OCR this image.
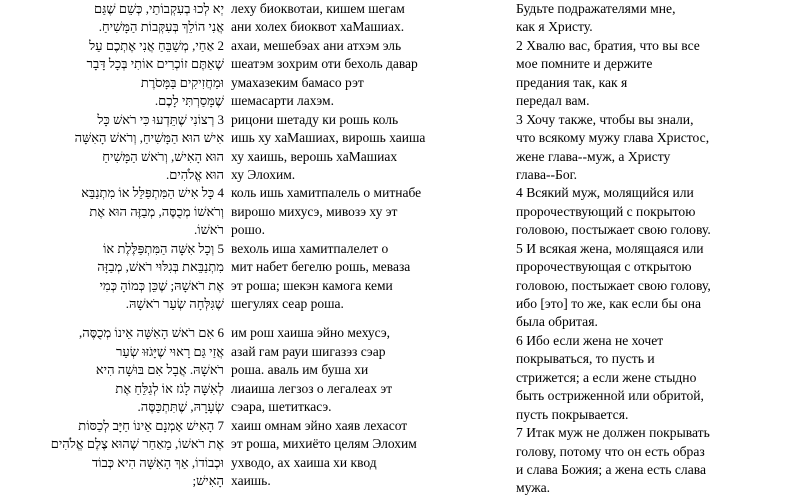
יְא לְכוּ בְעִקְבוֹתַי, כְּשֵׁם שֶׁגַּם
אֲנִי הוֹלֵךְ בְּעִקְּבוֹת הַמָּשִׁיחַ.
2 אַחַי, מְשַׁבֵּחַ אֲנִי אֶתְכֶם עַל
שֶׁאַתֶּם זוֹכְרִים אוֹתִי בְּכָל דָּבָר
וּמַחֲזִיקִים בַּמָּסֹרֶת
שֶׁמָּסַרְתִּי לָכֶם.
3 רְצוֹנִי שֶׁתֵּדְעוּ כִּי רֹאשׁ כָּל
אִישׁ הוּא הַמָּשִׁיחַ, וְרֹאשׁ הָאִשָּׁה
הוּא הָאִישׁ, וְרֹאשׁ הַמָּשִׁיחַ
הוּא אֱלֹהִים.
4 כָּל אִישׁ הַמִּתְפַּלֵּל אוֹ מִתְנַבֵּא
וְרֹאשׁוֹ מְכֻסֶּה, מְבַזֶּה הוּא אֶת
רֹאשׁוֹ.
5 וְכָל אִשָּׁה הַמִּתְפַּלֶּלֶת אוֹ
מִתְנַבֵּאת בְּגִלּוּי רֹאשׁ, מְבַזָּה
אֶת רֹאשָׁהּ; שֶׁכֵּן כְּמוֹהָ כְּמִי
שֶׁגִּלְּחָה שְׂעַר רֹאשָׁהּ.
6 אִם רֹאשׁ הָאִשָּׁה אֵינוֹ מְכֻסֶּה,
אֲזַי גַּם רָאוּי שֶׁיָּגֹזּוּ שְׂעַר
רֹאשָׁהּ. אֲבָל אִם בּוּשָׁה הִיא
לְאִשָּׁה לָגֹז אוֹ לְגַלֵּחַ אֶת
שְׂעָרָהּ, שֶׁתִּתְכַּסֶּה.
7 הָאִישׁ אָמְנָם אֵינוֹ חַיָּב לְכַסּוֹת
אֶת רֹאשׁוֹ, מֵאַחַר שֶׁהוּא צֶלֶם אֱלֹהִים
וּכְבוֹדוֹ, אַךְ הָאִשָּׁה הִיא כְּבוֹד
הָאִישׁ;
леху биоквотаи, кишем шегам
ани холех биоквот хаМашиах.
ахаи, мешебэах ани атхэм эль
шеатэм зохрим оти бехоль давар
умахазеким бамасо рэт
шемасарти лахэм.
рицони шетаду ки рошь коль
ишь ху хаМашиах, вирошь хаиша
ху хаишь, верошь хаМашиах
ху Элохим.
коль ишь хамитпалель о митнабе
вирошо михусэ, мивозэ ху эт
рошо.
вехоль иша хамитпалелет о
мит набет бегелю рошь, меваза
эт роша; шекэн камога кеми
шегулях сеар роша.
им рош хаиша эйно мехусэ,
азай гам рауи шигазэз сэар
роша. аваль им буша хи
лиаиша легзоз о легалеах эт
сэара, шетиткасэ.
хаиш омнам эйно хаяв лехасот
эт роша, михиёто целям Элохим
ухводо, ах хаиша хи квод
хаишь.
Будьте подражателями мне,
как я Христу.
2 Хвалю вас, братия, что вы все
мое помните и держите
предания так, как я
передал вам.
3 Хочу также, чтобы вы знали,
что всякому мужу глава Христос,
жене глава--муж, а Христу
глава--Бог.
4 Всякий муж, молящийся или
пророчествующий с покрытою
головою, постыжает свою голову.
5 И всякая жена, молящаяся или
пророчествующая с открытою
головою, постыжает свою голову,
ибо [это] то же, как если бы она
была обритая.
6 Ибо если жена не хочет
покрываться, то пусть и
стрижется; а если жене стыдно
быть остриженной или обритой,
пусть покрывается.
7 Итак муж не должен покрывать
голову, потому что он есть образ
и слава Божия; а жена есть слава
мужа.
